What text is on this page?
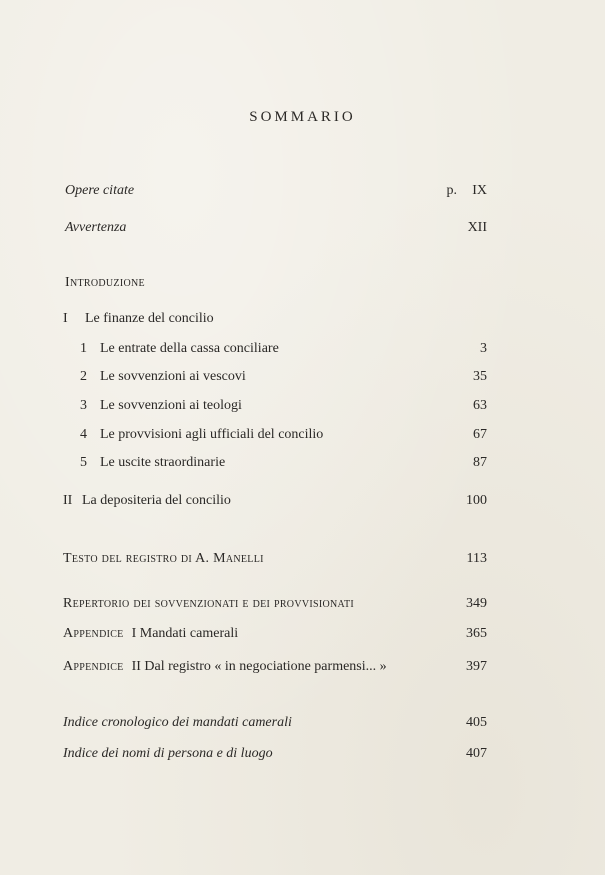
SOMMARIO
Opere citate	p. IX
Avvertenza	XII
Introduzione
I Le finanze del concilio
1 Le entrate della cassa conciliare	3
2 Le sovvenzioni ai vescovi	35
3 Le sovvenzioni ai teologi	63
4 Le provvisioni agli ufficiali del concilio	67
5 Le uscite straordinarie	87
II La depositeria del concilio	100
Testo del registro di A. Manelli	113
Repertorio dei sovvenzionati e dei provvisionati	349
Appendice I Mandati camerali	365
Appendice II Dal registro « in negociatione parmensi... »	397
Indice cronologico dei mandati camerali	405
Indice dei nomi di persona e di luogo	407
